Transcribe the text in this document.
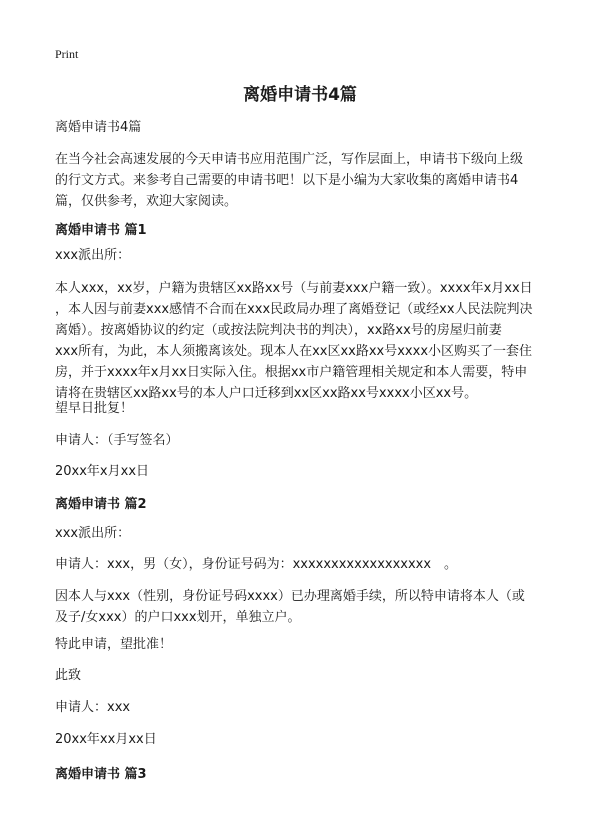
Print
离婚申请书4篇
离婚申请书4篇
在当今社会高速发展的今天申请书应用范围广泛，写作层面上，申请书下级向上级
的行文方式。来参考自己需要的申请书吧！以下是小编为大家收集的离婚申请书4
篇，仅供参考，欢迎大家阅读。
离婚申请书 篇1
xxx派出所：
本人xxx，xx岁，户籍为贵辖区xx路xx号（与前妻xxx户籍一致）。xxxx年x月xx日
，本人因与前妻xxx感情不合而在xxx民政局办理了离婚登记（或经xx人民法院判决
离婚）。按离婚协议的约定（或按法院判决书的判决），xx路xx号的房屋归前妻
xxx所有，为此，本人须搬离该处。现本人在xx区xx路xx号xxxx小区购买了一套住
房，并于xxxx年x月xx日实际入住。根据xx市户籍管理相关规定和本人需要，特申
请将在贵辖区xx路xx号的本人户口迁移到xx区xx路xx号xxxx小区xx号。
望早日批复！
申请人：（手写签名）
20xx年x月xx日
离婚申请书 篇2
xxx派出所：
申请人：xxx，男（女），身份证号码为：xxxxxxxxxxxxxxxxxx　。
因本人与xxx（性别，身份证号码xxxx）已办理离婚手续，所以特申请将本人（或
及子/女xxx）的户口xxx划开，单独立户。
特此申请，望批准！
此致
申请人：xxx
20xx年xx月xx日
离婚申请书 篇3
